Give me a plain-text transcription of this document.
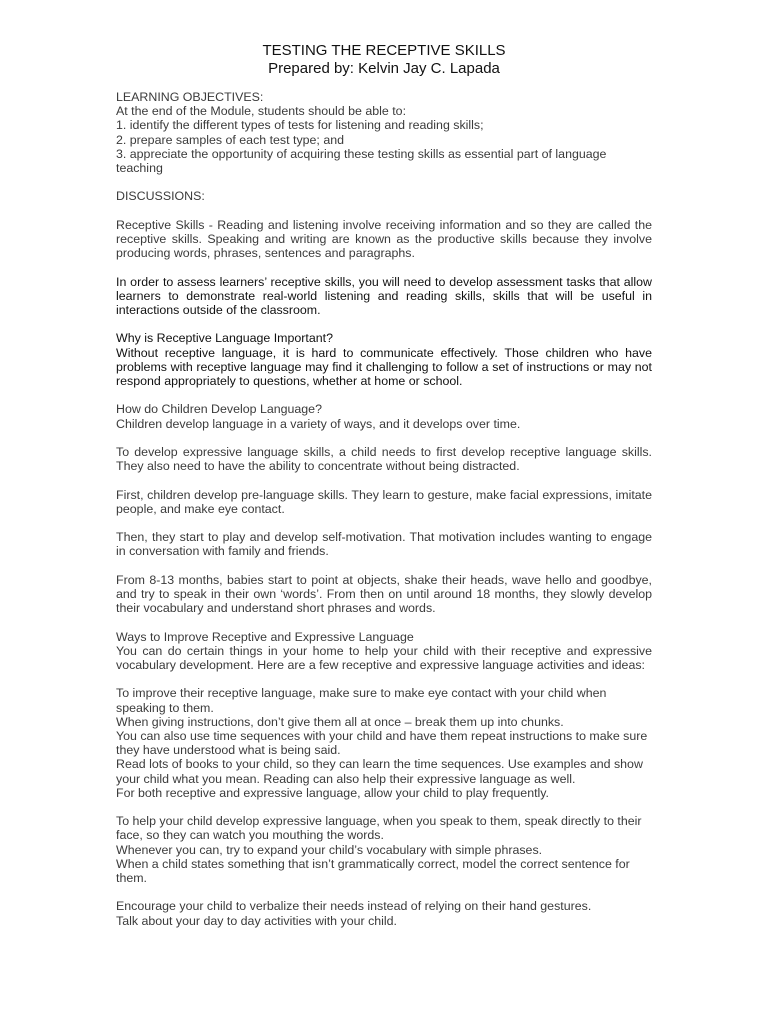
TESTING THE RECEPTIVE SKILLS
Prepared by: Kelvin Jay C. Lapada

LEARNING OBJECTIVES:

At the end of the Module, students should be able to:

1. identify the different types of tests for listening and reading skills;

2. prepare samples of each test type; and

3. appreciate the opportunity of acquiring these testing skills as essential part of language teaching

DISCUSSIONS:

Receptive Skills - Reading and listening involve receiving information and so they are called the receptive skills. Speaking and writing are known as the productive skills because they involve producing words, phrases, sentences and paragraphs.

In order to assess learners’ receptive skills, you will need to develop assessment tasks that allow learners to demonstrate real-world listening and reading skills, skills that will be useful in interactions outside of the classroom.

Why is Receptive Language Important?

Without receptive language, it is hard to communicate effectively. Those children who have problems with receptive language may find it challenging to follow a set of instructions or may not respond appropriately to questions, whether at home or school.

How do Children Develop Language?

Children develop language in a variety of ways, and it develops over time.

To develop expressive language skills, a child needs to first develop receptive language skills. They also need to have the ability to concentrate without being distracted.

First, children develop pre-language skills. They learn to gesture, make facial expressions, imitate people, and make eye contact.

Then, they start to play and develop self-motivation. That motivation includes wanting to engage in conversation with family and friends.

From 8-13 months, babies start to point at objects, shake their heads, wave hello and goodbye, and try to speak in their own ‘words’. From then on until around 18 months, they slowly develop their vocabulary and understand short phrases and words.

Ways to Improve Receptive and Expressive Language

You can do certain things in your home to help your child with their receptive and expressive vocabulary development. Here are a few receptive and expressive language activities and ideas:

To improve their receptive language, make sure to make eye contact with your child when speaking to them.

When giving instructions, don’t give them all at once – break them up into chunks.

You can also use time sequences with your child and have them repeat instructions to make sure they have understood what is being said.

Read lots of books to your child, so they can learn the time sequences. Use examples and show your child what you mean. Reading can also help their expressive language as well.

For both receptive and expressive language, allow your child to play frequently.

To help your child develop expressive language, when you speak to them, speak directly to their face, so they can watch you mouthing the words.

Whenever you can, try to expand your child’s vocabulary with simple phrases.

When a child states something that isn’t grammatically correct, model the correct sentence for them.

Encourage your child to verbalize their needs instead of relying on their hand gestures.

Talk about your day to day activities with your child.
